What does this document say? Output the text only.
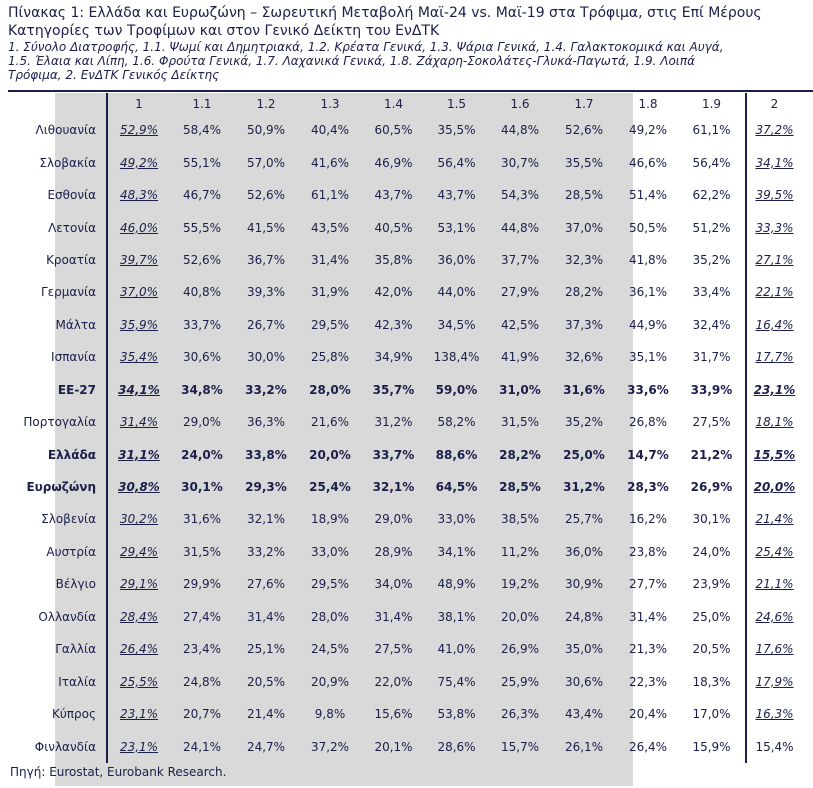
Πίνακας 1: Ελλάδα και Ευρωζώνη – Σωρευτική Μεταβολή Μαϊ-24 vs. Μαϊ-19 στα Τρόφιμα, στις Επί Μέρους
Κατηγορίες των Τροφίμων και στον Γενικό Δείκτη του ΕνΔΤΚ
1. Σύνολο Διατροφής, 1.1. Ψωμί και Δημητριακά, 1.2. Κρέατα Γενικά, 1.3. Ψάρια Γενικά, 1.4. Γαλακτοκομικά και Αυγά,
1.5. Έλαια και Λίπη, 1.6. Φρούτα Γενικά, 1.7. Λαχανικά Γενικά, 1.8. Ζάχαρη-Σοκολάτες-Γλυκά-Παγωτά, 1.9. Λοιπά
Τρόφιμα, 2. ΕνΔΤΚ Γενικός Δείκτης
	1	1.1	1.2	1.3	1.4	1.5	1.6	1.7	1.8	1.9	2
Λιθουανία	52,9%	58,4%	50,9%	40,4%	60,5%	35,5%	44,8%	52,6%	49,2%	61,1%	37,2%
Σλοβακία	49,2%	55,1%	57,0%	41,6%	46,9%	56,4%	30,7%	35,5%	46,6%	56,4%	34,1%
Εσθονία	48,3%	46,7%	52,6%	61,1%	43,7%	43,7%	54,3%	28,5%	51,4%	62,2%	39,5%
Λετονία	46,0%	55,5%	41,5%	43,5%	40,5%	53,1%	44,8%	37,0%	50,5%	51,2%	33,3%
Κροατία	39,7%	52,6%	36,7%	31,4%	35,8%	36,0%	37,7%	32,3%	41,8%	35,2%	27,1%
Γερμανία	37,0%	40,8%	39,3%	31,9%	42,0%	44,0%	27,9%	28,2%	36,1%	33,4%	22,1%
Μάλτα	35,9%	33,7%	26,7%	29,5%	42,3%	34,5%	42,5%	37,3%	44,9%	32,4%	16,4%
Ισπανία	35,4%	30,6%	30,0%	25,8%	34,9%	138,4%	41,9%	32,6%	35,1%	31,7%	17,7%
ΕΕ-27	34,1%	34,8%	33,2%	28,0%	35,7%	59,0%	31,0%	31,6%	33,6%	33,9%	23,1%
Πορτογαλία	31,4%	29,0%	36,3%	21,6%	31,2%	58,2%	31,5%	35,2%	26,8%	27,5%	18,1%
Ελλάδα	31,1%	24,0%	33,8%	20,0%	33,7%	88,6%	28,2%	25,0%	14,7%	21,2%	15,5%
Ευρωζώνη	30,8%	30,1%	29,3%	25,4%	32,1%	64,5%	28,5%	31,2%	28,3%	26,9%	20,0%
Σλοβενία	30,2%	31,6%	32,1%	18,9%	29,0%	33,0%	38,5%	25,7%	16,2%	30,1%	21,4%
Αυστρία	29,4%	31,5%	33,2%	33,0%	28,9%	34,1%	11,2%	36,0%	23,8%	24,0%	25,4%
Βέλγιο	29,1%	29,9%	27,6%	29,5%	34,0%	48,9%	19,2%	30,9%	27,7%	23,9%	21,1%
Ολλανδία	28,4%	27,4%	31,4%	28,0%	31,4%	38,1%	20,0%	24,8%	31,4%	25,0%	24,6%
Γαλλία	26,4%	23,4%	25,1%	24,5%	27,5%	41,0%	26,9%	35,0%	21,3%	20,5%	17,6%
Ιταλία	25,5%	24,8%	20,5%	20,9%	22,0%	75,4%	25,9%	30,6%	22,3%	18,3%	17,9%
Κύπρος	23,1%	20,7%	21,4%	9,8%	15,6%	53,8%	26,3%	43,4%	20,4%	17,0%	16,3%
Φινλανδία	23,1%	24,1%	24,7%	37,2%	20,1%	28,6%	15,7%	26,1%	26,4%	15,9%	15,4%
Πηγή: Eurostat, Eurobank Research.
